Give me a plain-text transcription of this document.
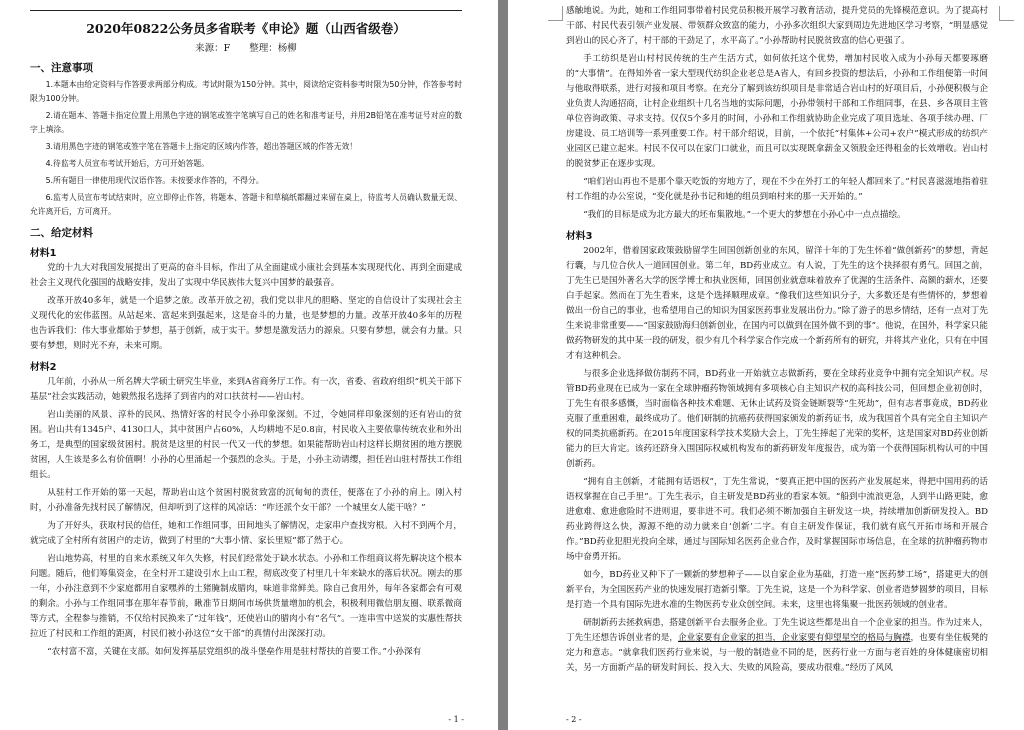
2020年0822公务员多省联考《申论》题（山西省级卷）
来源：F 整理：杨柳
一、注意事项

1.本题本由给定资料与作答要求两部分构成。考试时限为150分钟。其中，阅读给定资料参考时限为50分钟，作答参考时限为100分钟。

2.请在题本、答题卡指定位置上用黑色字迹的钢笔或签字笔填写自己的姓名和准考证号，并用2B铅笔在准考证号对应的数字上填涂。

3.请用黑色字迹的钢笔或签字笔在答题卡上指定的区域内作答，超出答题区域的作答无效！

4.待监考人员宣布考试开始后，方可开始答题。

5.所有题目一律使用现代汉语作答。未按要求作答的，不得分。

6.监考人员宣布考试结束时，应立即停止作答，将题本、答题卡和草稿纸都翻过来留在桌上，待监考人员确认数量无误、允许离开后，方可离开。

二、给定材料
材料1

党的十九大对我国发展提出了更高的奋斗目标，作出了从全面建成小康社会到基本实现现代化、再到全面建成社会主义现代化强国的战略安排，发出了实现中华民族伟大复兴中国梦的最强音。

改革开放40多年，就是一个追梦之旅。改革开放之初，我们党以非凡的胆略、坚定的自信设计了实现社会主义现代化的宏伟蓝图。从站起来、富起来到强起来，这是奋斗的力量，也是梦想的力量。改革开放40多年的历程也告诉我们：伟大事业都始于梦想，基于创新，成于实干。梦想是激发活力的源泉。只要有梦想，就会有力量。只要有梦想，则时光不弃，未来可期。

材料2

几年前，小孙从一所名牌大学硕士研究生毕业，来到A省商务厅工作。有一次，省委、省政府组织“机关干部下基层”社会实践活动，她毅然报名选择了到省内的对口扶贫村——岩山村。

岩山美丽的风景、淳朴的民风、热情好客的村民令小孙印象深刻。不过，令她同样印象深刻的还有岩山的贫困。岩山共有1345户、4130口人，其中贫困户占60%，人均耕地不足0.8亩，村民收入主要依靠传统农业和外出务工，是典型的国家级贫困村。脱贫是这里的村民一代又一代的梦想。如果能帮助岩山村这样长期贫困的地方摆脱贫困，人生该是多么有价值啊！小孙的心里涌起一个强烈的念头。于是，小孙主动请缨，担任岩山驻村帮扶工作组组长。

从驻村工作开始的第一天起，帮助岩山这个贫困村脱贫致富的沉甸甸的责任，便落在了小孙的肩上。刚入村时，小孙准备先找村民了解情况，但却听到了这样的风凉话：“咋还派个女干部？一个城里女人能干啥？”

为了开好头，获取村民的信任，她和工作组同事，田间地头了解情况，走家串户查找穷根。入村不到两个月，就完成了全村所有贫困户的走访，做到了村里的“大事小情、家长里短”都了然于心。

岩山地势高，村里的自来水系统又年久失修，村民们经常处于缺水状态。小孙和工作组商议将先解决这个根本问题。随后，他们筹集资金，在全村开工建设引水上山工程，彻底改变了村里几十年来缺水的落后状况。刚去的那一年，小孙注意到不少家庭都用自家嘿养的土猪腌制成腊肉，味道非常鲜美。除自己食用外，每年各家都会有可观的剩余。小孙与工作组同事在那年春节前，瞅准节日期间市场供货量增加的机会，积极利用微信朋友圈、联系微商等方式，全程参与推销，不仅给村民换来了“过年钱”，还使岩山的腊肉小有“名气”。一连串雪中送炭的实惠性帮扶拉近了村民和工作组的距离，村民们被小孙这位“女干部”的真情付出深深打动。

“农村富不富，关键在支部。如何发挥基层党组织的战斗堡垒作用是驻村帮扶的首要工作。”小孙深有

- 1 -

感触地说。为此，她和工作组同事带着村民党员积极开展学习教育活动，提升党员的先锋模范意识。为了提高村干部、村民代表引领产业发展、带领群众致富的能力，小孙多次组织大家到周边先进地区学习考察，“明显感觉到岩山的民心齐了，村干部的干劲足了，水平高了。”小孙帮助村民脱贫致富的信心更强了。

手工纺织是岩山村村民传统的生产生活方式，如何依托这个优势，增加村民收入成为小孙每天都要琢磨的“大事情”。在得知外省一家大型现代纺织企业老总是A省人，有回乡投资的想法后，小孙和工作组便第一时间与他取得联系，进行对接和项目考察。在充分了解到该纺织项目是非常适合岩山村的好项目后，小孙便积极与企业负责人沟通招商，让村企业组织十几名当地的实际问题，小孙带领村干部和工作组同事，在县、乡各项目主管单位咨询政策、寻求支持。仅仅5个多月的时间，小孙和工作组就协助企业完成了项目选址、各项手续办理、厂房建设、员工培训等一系列重要工作。村干部介绍说，目前，一个依托“村集体+公司+农户”模式形成的纺织产业园区已建立起来。村民不仅可以在家门口就业，而且可以实现既拿薪金又领股金还得租金的长效增收。岩山村的脱贫梦正在逐步实现。

“咱们岩山再也不是那个靠天吃饭的穷地方了，现在不少在外打工的年轻人都回来了。”村民喜滋滋地指着驻村工作组的办公室说，“变化就是孙书记和她的组员到咱村来的那一天开始的。”

“我们的目标是成为北方最大的坯布集散地。”一个更大的梦想在小孙心中一点点描绘。

材料3

2002年，借着国家政策鼓励留学生回国创新创业的东风，留洋十年的丁先生怀着“做创新药”的梦想，背起行囊，与几位合伙人一道回国创业。第二年，BD药业成立。有人说，丁先生的这个抉择很有勇气。回国之前，丁先生已是国外著名大学的医学博士和执业医师，回国创业就意味着放弃了优渥的生活条件、高额的薪水，还要白手起家。然而在丁先生看来，这是个选择顺理成章。“像我们这些知识分子，大多数还是有些情怀的，梦想着做出一份自己的事业，也希望用自己的知识为国家医药事业发展出份力。”除了游子的思乡情结，还有一点对丁先生来说非常重要——“国家鼓励海归创新创业，在国内可以做到在国外做不到的事”。他说，在国外，科学家只能做药物研发的其中某一段的研发，很少有几个科学家合作完成一个新药所有的研究，并将其产业化，只有在中国才有这种机会。

与很多企业选择做仿制药不同，BD药业一开始就立志做新药，要在全球药业竞争中拥有完全知识产权。尽管BD药业现在已成为一家在全球肿瘤药物领域拥有多项核心自主知识产权的高科技公司，但回想企业初创时，丁先生有很多感慨，当时面临各种技术难题、无休止试药及资金链断裂等“生死劫”，但有志者事竟成，BD药业克服了重重困难，最终成功了。他们研制的抗癌药获得国家颁发的新药证书，成为我国首个具有完全自主知识产权的同类抗癌新药。在2015年度国家科学技术奖励大会上，丁先生捧起了光荣的奖杯，这是国家对BD药业创新能力的巨大肯定。该药还跻身入围国际权威机构发布的新药研发年度报告，成为第一个获得国际机构认可的中国创新药。

“拥有自主创新，才能拥有话语权”，丁先生常说，“要真正把中国的医药产业发展起来，得把中国用药的话语权掌握在自己手里”。丁先生表示，自主研发是BD药业的看家本领。“船到中流浪更急，人到半山路更陡，愈进愈难、愈进愈险时不进则退，要非进不可。我们必须不断加强自主研发这一块，持续增加创新研发投入。BD药业跨得这么快，源源不绝的动力就来自‘创新’二字。有自主研发作保证，我们就有底气开拓市场和开展合作。”BD药业犯胆光投向全球，通过与国际知名医药企业合作，及时掌握国际市场信息，在全球的抗肿瘤药物市场中奋勇开拓。

如今，BD药业又种下了一颗新的梦想种子——以自家企业为基础，打造一座“医药梦工场”，搭建更大的创新平台，为全国医药产业的快速发展打造新引擎。丁先生说，这是一个为科学家、创业者造梦圆梦的项目，目标是打造一个具有国际先进水准的生物医药专业众创空间。未来，这里也将集聚一批医药领域的创业者。

研制新药去拯救病患，搭建创新平台去服务企业。丁先生说这些都是出自一个企业家的担当。作为过来人，丁先生还想告诉创业者的是，企业家要有企业家的担当，企业家要有仰望星空的格局与胸襟，也要有坐住板凳的定力和意志。“就拿我们医药行业来说，与一般的制造业不同的是，医药行业一方面与老百姓的身体健康密切相关，另一方面新产品的研发时间长、投入大、失败的风险高，要成功很难。”经历了风风

- 2 -
